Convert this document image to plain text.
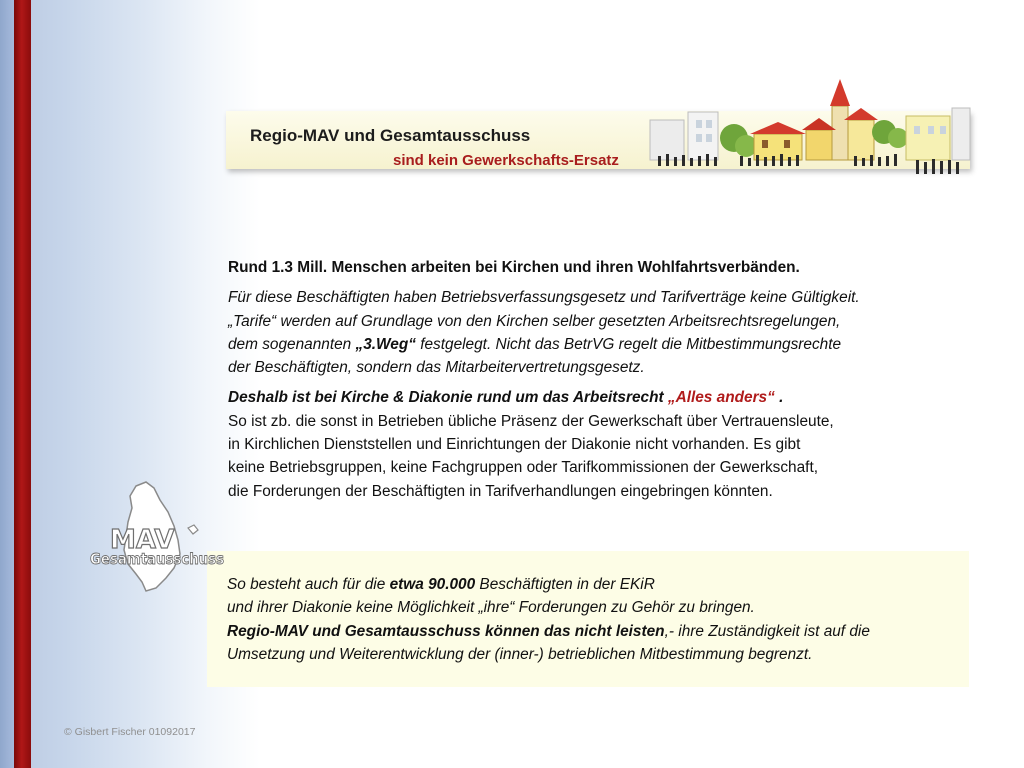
Regio-MAV und Gesamtausschuss
sind kein Gewerkschafts-Ersatz

Rund 1.3 Mill. Menschen arbeiten bei Kirchen und ihren Wohlfahrtsverbänden.

Für diese Beschäftigten haben Betriebsverfassungsgesetz und Tarifverträge keine Gültigkeit.
„Tarife“ werden auf Grundlage von den Kirchen selber gesetzten Arbeitsrechtsregelungen,
dem sogenannten „3.Weg“ festgelegt. Nicht das BetrVG regelt die Mitbestimmungsrechte
der Beschäftigten, sondern das Mitarbeitervertretungsgesetz.

Deshalb ist bei Kirche & Diakonie rund um das Arbeitsrecht „Alles anders“ .
So ist zb. die sonst in Betrieben übliche Präsenz der Gewerkschaft über Vertrauensleute,
in Kirchlichen Dienststellen und Einrichtungen der Diakonie nicht vorhanden. Es gibt
keine Betriebsgruppen, keine Fachgruppen oder Tarifkommissionen der Gewerkschaft,
die Forderungen der Beschäftigten in Tarifverhandlungen eingebringen könnten.

So besteht auch für die etwa 90.000 Beschäftigten in der EKiR

und ihrer Diakonie keine Möglichkeit „ihre“ Forderungen zu Gehör zu bringen.

Regio-MAV und Gesamtausschuss können das nicht leisten,- ihre Zuständigkeit ist auf die

Umsetzung und Weiterentwicklung der (inner-) betrieblichen Mitbestimmung begrenzt.

MAV
Gesamtausschuss
© Gisbert Fischer 01092017
